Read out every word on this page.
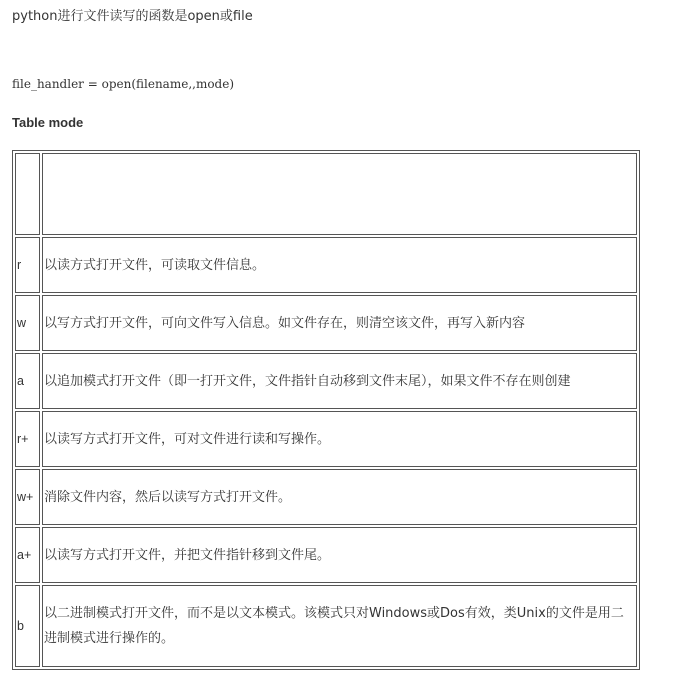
python进行文件读写的函数是open或file
file_handler = open(filename,,mode)
Table mode

r	以读方式打开文件，可读取文件信息。
w	以写方式打开文件，可向文件写入信息。如文件存在，则清空该文件，再写入新内容
a	以追加模式打开文件（即一打开文件，文件指针自动移到文件末尾），如果文件不存在则创建
r+	以读写方式打开文件，可对文件进行读和写操作。
w+	消除文件内容，然后以读写方式打开文件。
a+	以读写方式打开文件，并把文件指针移到文件尾。
b	以二进制模式打开文件，而不是以文本模式。该模式只对Windows或Dos有效，类Unix的文件是用二进制模式进行操作的。
